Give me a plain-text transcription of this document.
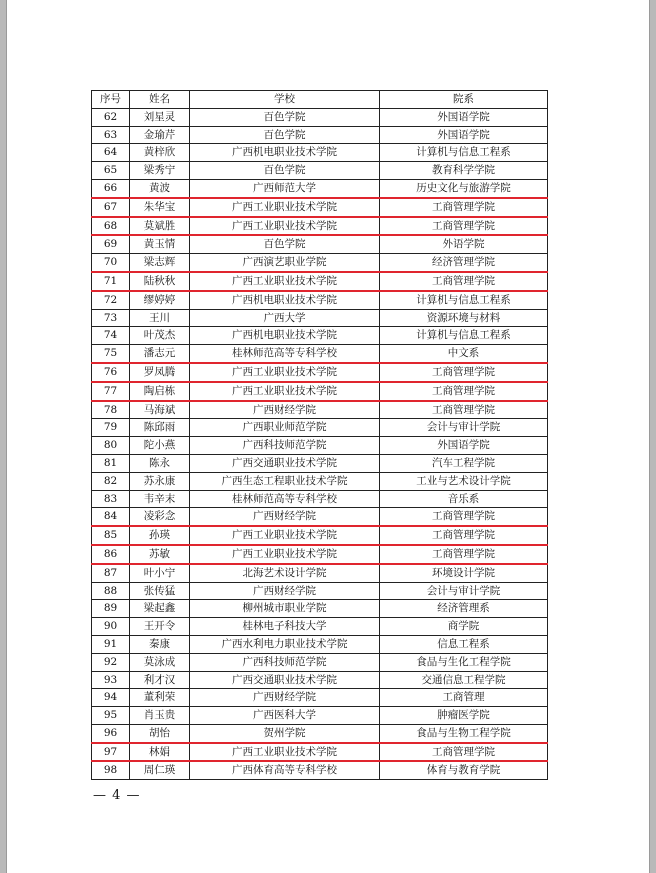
序号	姓名	学校	院系
62	刘星灵	百色学院	外国语学院
63	金瑜芹	百色学院	外国语学院
64	黄梓欣	广西机电职业技术学院	计算机与信息工程系
65	梁秀宁	百色学院	教育科学学院
66	黄波	广西师范大学	历史文化与旅游学院
67	朱华宝	广西工业职业技术学院	工商管理学院
68	莫斌胜	广西工业职业技术学院	工商管理学院
69	黄玉情	百色学院	外语学院
70	梁志辉	广西演艺职业学院	经济管理学院
71	陆秋秋	广西工业职业技术学院	工商管理学院
72	缪婷婷	广西机电职业技术学院	计算机与信息工程系
73	王川	广西大学	资源环境与材料
74	叶茂杰	广西机电职业技术学院	计算机与信息工程系
75	潘志元	桂林师范高等专科学校	中文系
76	罗凤腾	广西工业职业技术学院	工商管理学院
77	陶启栋	广西工业职业技术学院	工商管理学院
78	马海斌	广西财经学院	工商管理学院
79	陈邱雨	广西职业师范学院	会计与审计学院
80	陀小燕	广西科技师范学院	外国语学院
81	陈永	广西交通职业技术学院	汽车工程学院
82	苏永康	广西生态工程职业技术学院	工业与艺术设计学院
83	韦辛末	桂林师范高等专科学校	音乐系
84	凌彩念	广西财经学院	工商管理学院
85	孙瑛	广西工业职业技术学院	工商管理学院
86	苏敏	广西工业职业技术学院	工商管理学院
87	叶小宁	北海艺术设计学院	环境设计学院
88	张传猛	广西财经学院	会计与审计学院
89	梁起鑫	柳州城市职业学院	经济管理系
90	王开令	桂林电子科技大学	商学院
91	秦康	广西水利电力职业技术学院	信息工程系
92	莫泳成	广西科技师范学院	食品与生化工程学院
93	利才汉	广西交通职业技术学院	交通信息工程学院
94	董利荣	广西财经学院	工商管理
95	肖玉贵	广西医科大学	肿瘤医学院
96	胡怡	贺州学院	食品与生物工程学院
97	林娟	广西工业职业技术学院	工商管理学院
98	周仁瑛	广西体育高等专科学校	体育与教育学院
— 4 —
